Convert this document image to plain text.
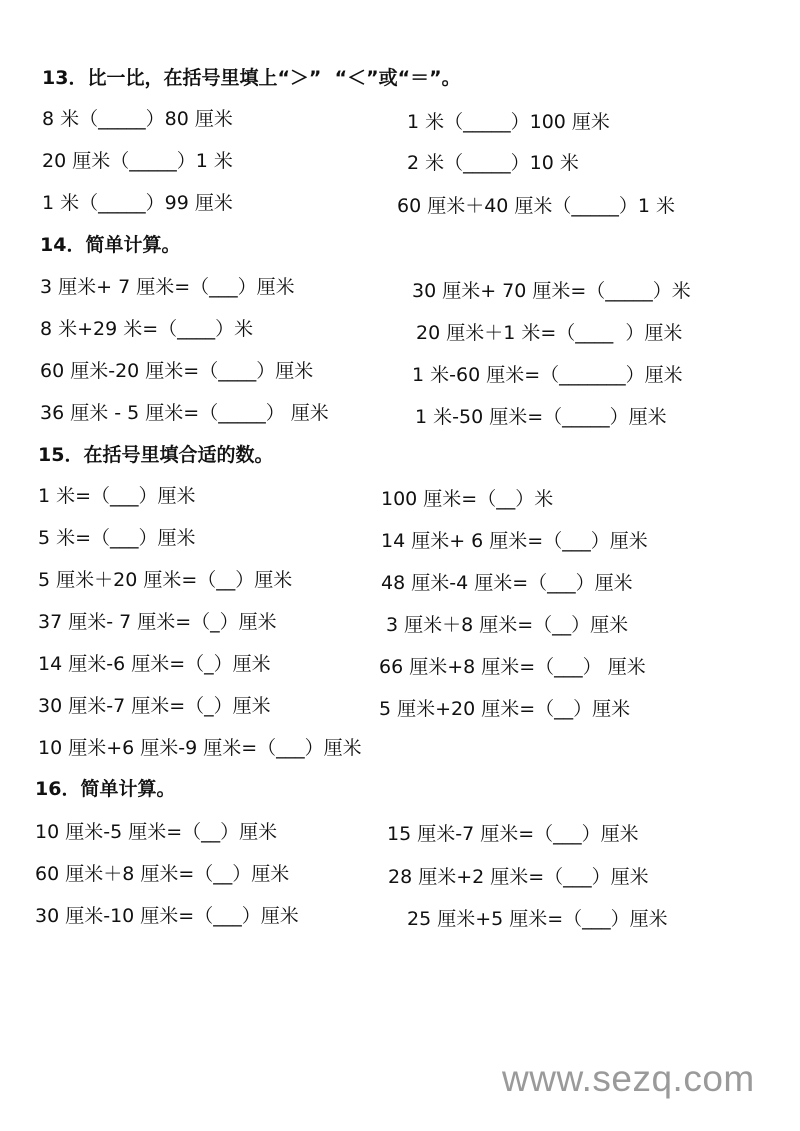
13．比一比，在括号里填上“＞”  “＜”或“＝”。
8 米（_____）80 厘米
20 厘米（_____）1 米
1 米（_____）99 厘米
1 米（_____）100 厘米
2 米（_____）10 米
60 厘米＋40 厘米（_____）1 米
14．简单计算。
3 厘米+ 7 厘米=（___）厘米
8 米+29 米=（____）米
60 厘米-20 厘米=（____）厘米
36 厘米 - 5 厘米=（_____） 厘米
30 厘米+ 70 厘米=（_____）米
20 厘米＋1 米=（____  ）厘米
1 米-60 厘米=（_______）厘米
1 米-50 厘米=（_____）厘米
15．在括号里填合适的数。
1 米=（___）厘米
5 米=（___）厘米
5 厘米＋20 厘米=（__）厘米
37 厘米- 7 厘米=（_）厘米
14 厘米-6 厘米=（_）厘米
30 厘米-7 厘米=（_）厘米
10 厘米+6 厘米-9 厘米=（___）厘米
100 厘米=（__）米
14 厘米+ 6 厘米=（___）厘米
48 厘米-4 厘米=（___）厘米
3 厘米＋8 厘米=（__）厘米
66 厘米+8 厘米=（___） 厘米
5 厘米+20 厘米=（__）厘米
16．简单计算。
10 厘米-5 厘米=（__）厘米
60 厘米＋8 厘米=（__）厘米
30 厘米-10 厘米=（___）厘米
15 厘米-7 厘米=（___）厘米
28 厘米+2 厘米=（___）厘米
25 厘米+5 厘米=（___）厘米
www.sezq.com
